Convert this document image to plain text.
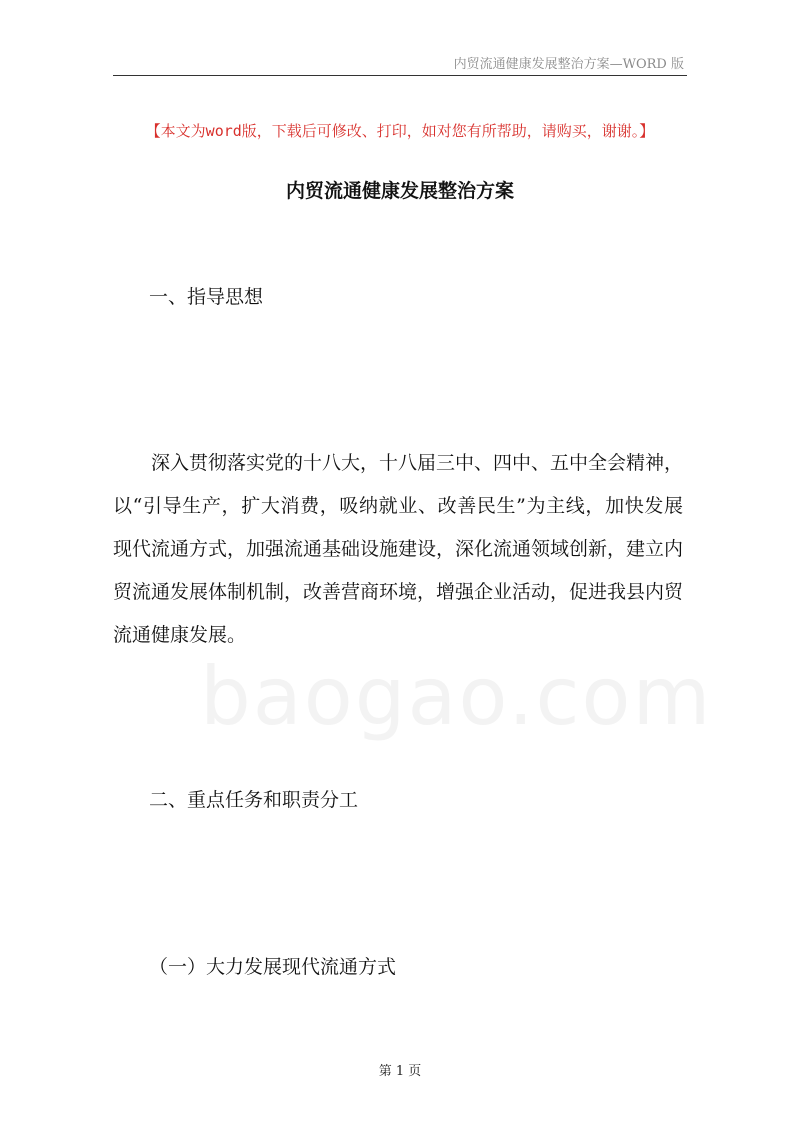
baogao.com
内贸流通健康发展整治方案—WORD 版
【本文为word版，下载后可修改、打印，如对您有所帮助，请购买，谢谢。】
内贸流通健康发展整治方案
一、指导思想

深入贯彻落实党的十八大，十八届三中、四中、五中全会精神，以“引导生产，扩大消费，吸纳就业、改善民生”为主线，加快发展现代流通方式，加强流通基础设施建设，深化流通领域创新，建立内贸流通发展体制机制，改善营商环境，增强企业活动，促进我县内贸流通健康发展。

二、重点任务和职责分工
（一）大力发展现代流通方式
第 1 页
